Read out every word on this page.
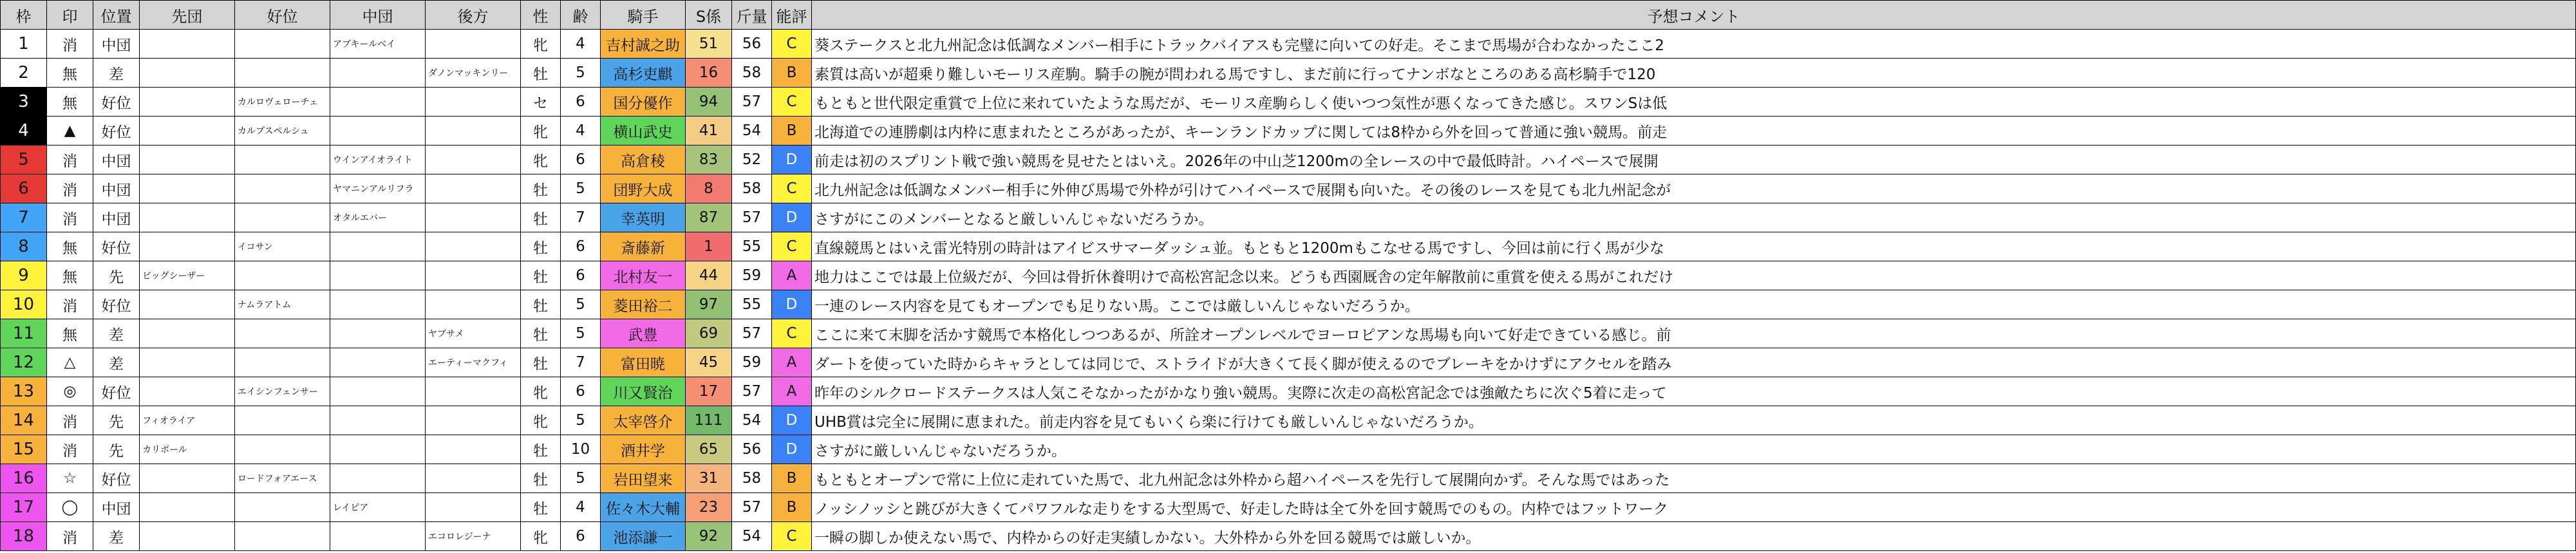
枠	印	位置	先団	好位	中団	後方	性	齢	騎手	S係	斤量	能評	予想コメント
1	消	中団			アブキールベイ		牝	4	吉村誠之助	51	56	C	葵ステークスと北九州記念は低調なメンバー相手にトラックバイアスも完璧に向いての好走。そこまで馬場が合わなかったここ2
2	無	差				ダノンマッキンリー	牡	5	高杉吏麒	16	58	B	素質は高いが超乗り難しいモーリス産駒。騎手の腕が問われる馬ですし、まだ前に行ってナンボなところのある高杉騎手で120
3	無	好位		カルロヴェローチェ			セ	6	国分優作	94	57	C	もともと世代限定重賞で上位に来れていたような馬だが、モーリス産駒らしく使いつつ気性が悪くなってきた感じ。スワンSは低
4	▲	好位		カルプスペルシュ			牝	4	横山武史	41	54	B	北海道での連勝劇は内枠に恵まれたところがあったが、キーンランドカップに関しては8枠から外を回って普通に強い競馬。前走
5	消	中団			ウインアイオライト		牝	6	高倉稜	83	52	D	前走は初のスプリント戦で強い競馬を見せたとはいえ。2026年の中山芝1200mの全レースの中で最低時計。ハイペースで展開
6	消	中団			ヤマニンアルリフラ		牡	5	団野大成	8	58	C	北九州記念は低調なメンバー相手に外伸び馬場で外枠が引けてハイペースで展開も向いた。その後のレースを見ても北九州記念が
7	消	中団			オタルエバー		牡	7	幸英明	87	57	D	さすがにこのメンバーとなると厳しいんじゃないだろうか。
8	無	好位		イコサン			牡	6	斎藤新	1	55	C	直線競馬とはいえ雷光特別の時計はアイビスサマーダッシュ並。もともと1200mもこなせる馬ですし、今回は前に行く馬が少な
9	無	先	ビッグシーザー				牡	6	北村友一	44	59	A	地力はここでは最上位級だが、今回は骨折休養明けで高松宮記念以来。どうも西園厩舎の定年解散前に重賞を使える馬がこれだけ
10	消	好位		ナムラアトム			牡	5	菱田裕二	97	55	D	一連のレース内容を見てもオープンでも足りない馬。ここでは厳しいんじゃないだろうか。
11	無	差				ヤブサメ	牡	5	武豊	69	57	C	ここに来て末脚を活かす競馬で本格化しつつあるが、所詮オープンレベルでヨーロピアンな馬場も向いて好走できている感じ。前
12	△	差				エーティーマクフィ	牡	7	富田暁	45	59	A	ダートを使っていた時からキャラとしては同じで、ストライドが大きくて長く脚が使えるのでブレーキをかけずにアクセルを踏み
13	◎	好位		エイシンフェンサー			牝	6	川又賢治	17	57	A	昨年のシルクロードステークスは人気こそなかったがかなり強い競馬。実際に次走の高松宮記念では強敵たちに次ぐ5着に走って
14	消	先	フィオライア				牝	5	太宰啓介	111	54	D	UHB賞は完全に展開に恵まれた。前走内容を見てもいくら楽に行けても厳しいんじゃないだろうか。
15	消	先	カリボール				牡	10	酒井学	65	56	D	さすがに厳しいんじゃないだろうか。
16	☆	好位		ロードフォアエース			牡	5	岩田望来	31	58	B	もともとオープンで常に上位に走れていた馬で、北九州記念は外枠から超ハイペースを先行して展開向かず。そんな馬ではあった
17	◯	中団			レイピア		牡	4	佐々木大輔	23	57	B	ノッシノッシと跳びが大きくてパワフルな走りをする大型馬で、好走した時は全て外を回す競馬でのもの。内枠ではフットワーク
18	消	差				エコロレジーナ	牝	6	池添謙一	92	54	C	一瞬の脚しか使えない馬で、内枠からの好走実績しかない。大外枠から外を回る競馬では厳しいか。
